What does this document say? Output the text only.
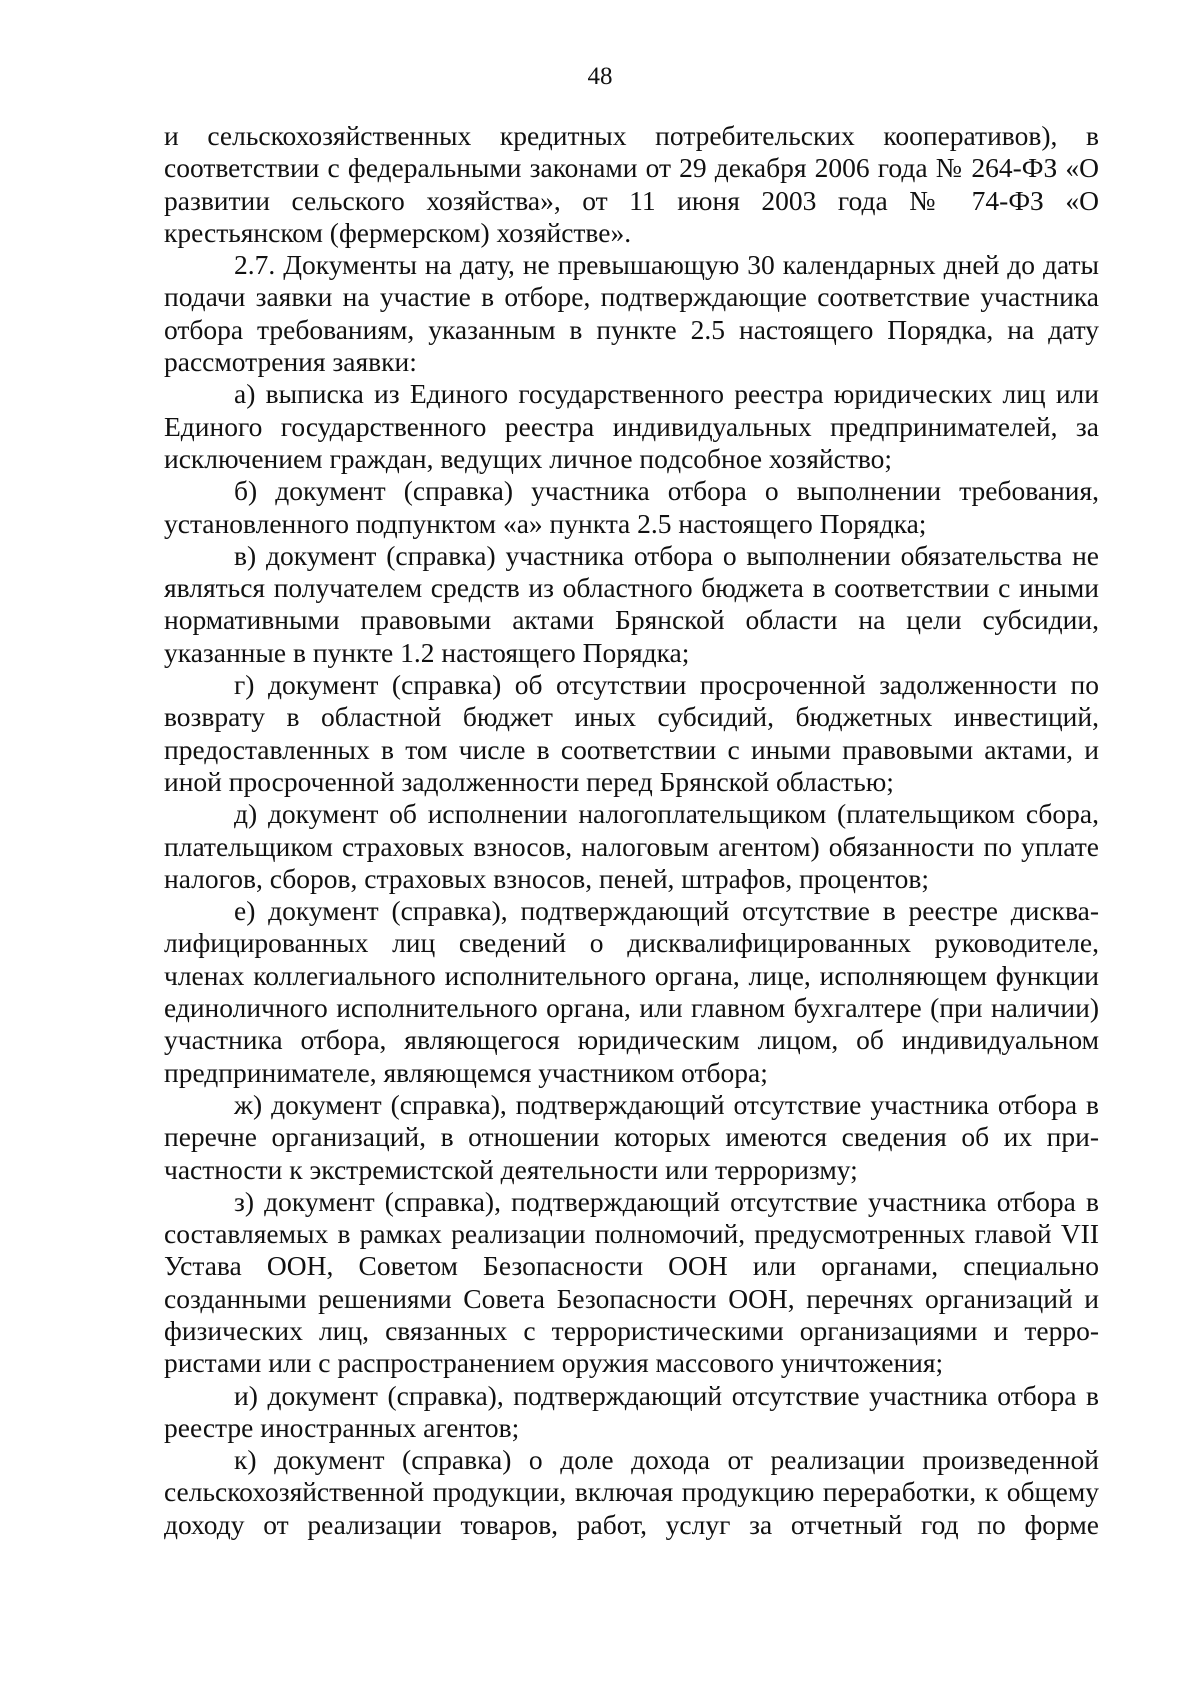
48

и сельскохозяйственных кредитных потребительских кооперативов), в соответствии с федеральными законами от 29 декабря 2006 года № 264-ФЗ «О развитии сельского хозяйства», от 11 июня 2003 года № 74-ФЗ «О крестьянском (фермерском) хозяйстве».

2.7. Документы на дату, не превышающую 30 календарных дней до даты подачи заявки на участие в отборе, подтверждающие соответствие участника отбора требованиям, указанным в пункте 2.5 настоящего Порядка, на дату рассмотрения заявки:

а) выписка из Единого государственного реестра юридических лиц или Единого государственного реестра индивидуальных предпринимателей, за исключением граждан, ведущих личное подсобное хозяйство;

б) документ (справка) участника отбора о выполнении требования, установленного подпунктом «а» пункта 2.5 настоящего Порядка;

в) документ (справка) участника отбора о выполнении обязательства не являться получателем средств из областного бюджета в соответствии с иными нормативными правовыми актами Брянской области на цели субсидии, указанные в пункте 1.2 настоящего Порядка;

г) документ (справка) об отсутствии просроченной задолженности по возврату в областной бюджет иных субсидий, бюджетных инвестиций, предоставленных в том числе в соответствии с иными правовыми актами, и иной просроченной задолженности перед Брянской областью;

д) документ об исполнении налогоплательщиком (плательщиком сбора, плательщиком страховых взносов, налоговым агентом) обязанности по уплате налогов, сборов, страховых взносов, пеней, штрафов, процентов;

е) документ (справка), подтверждающий отсутствие в реестре дисквалифицированных лиц сведений о дисквалифицированных руководителе, членах коллегиального исполнительного органа, лице, исполняющем функции единоличного исполнительного органа, или главном бухгалтере (при наличии) участника отбора, являющегося юридическим лицом, об индивидуальном предпринимателе, являющемся участником отбора;

ж) документ (справка), подтверждающий отсутствие участника отбора в перечне организаций, в отношении которых имеются сведения об их причастности к экстремистской деятельности или терроризму;

з) документ (справка), подтверждающий отсутствие участника отбора в составляемых в рамках реализации полномочий, предусмотренных главой VII Устава ООН, Советом Безопасности ООН или органами, специально созданными решениями Совета Безопасности ООН, перечнях организаций и физических лиц, связанных с террористическими организациями и террористами или с распространением оружия массового уничтожения;

и) документ (справка), подтверждающий отсутствие участника отбора в реестре иностранных агентов;

к) документ (справка) о доле дохода от реализации произведенной сельскохозяйственной продукции, включая продукцию переработки, к общему доходу от реализации товаров, работ, услуг за отчетный год по форме
